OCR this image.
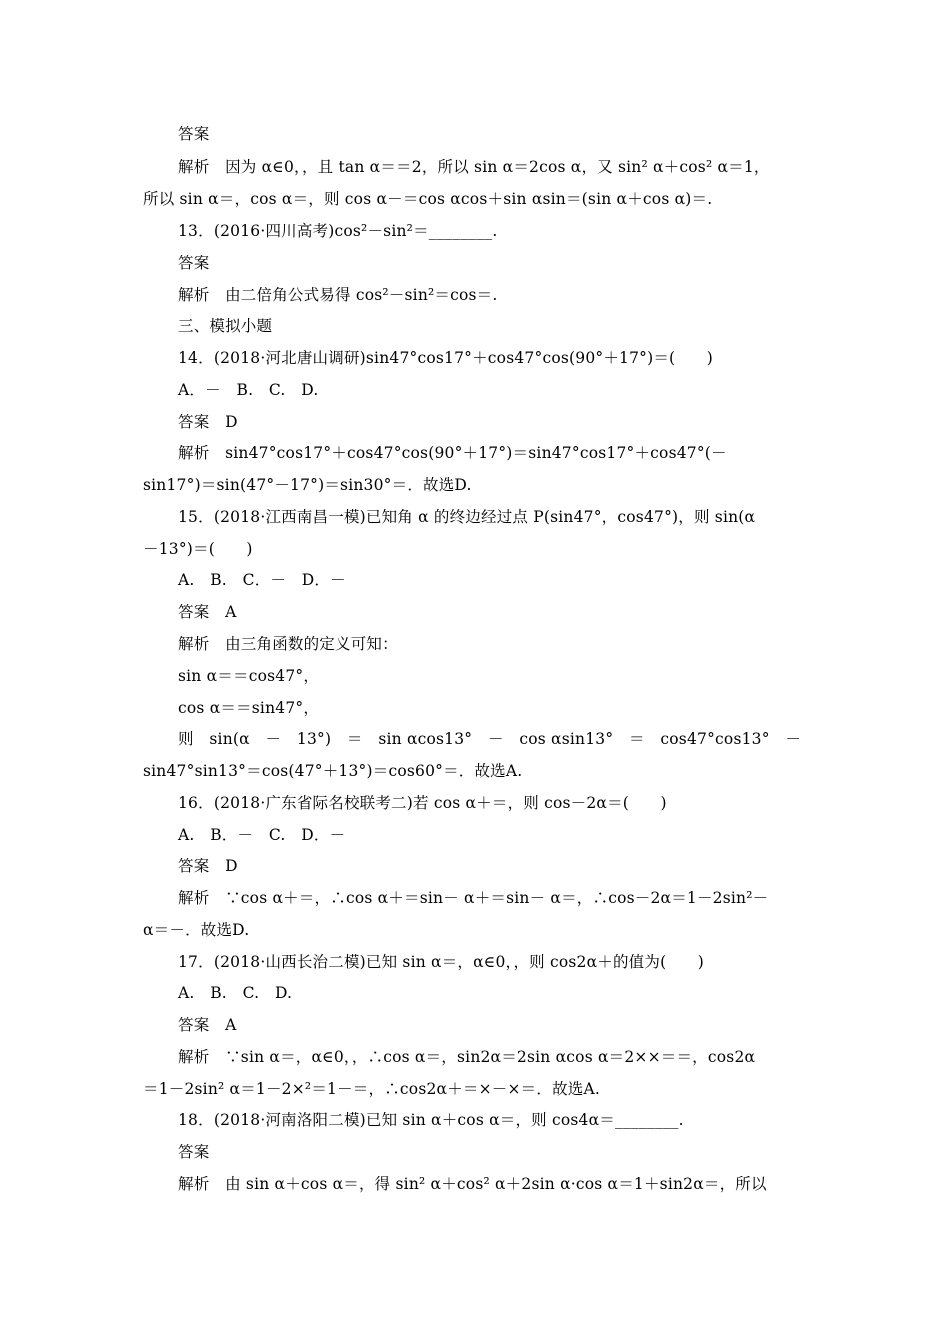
答案
解析　因为 α∈0，，且 tan α＝＝2，所以 sin α＝2cos α，又 sin² α＋cos² α＝1，
所以 sin α＝，cos α＝，则 cos α－＝cos αcos＋sin αsin＝(sin α＋cos α)＝.
13．(2016·四川高考)cos²－sin²＝________.
答案
解析　由二倍角公式易得 cos²－sin²＝cos＝.
三、模拟小题
14．(2018·河北唐山调研)sin47°cos17°＋cos47°cos(90°＋17°)＝(　　)
A．－　B.　C.　D.
答案　D
解析　sin47°cos17°＋cos47°cos(90°＋17°)＝sin47°cos17°＋cos47°(－
sin17°)＝sin(47°－17°)＝sin30°＝．故选D.
15．(2018·江西南昌一模)已知角 α 的终边经过点 P(sin47°，cos47°)，则 sin(α
－13°)＝(　　)
A.　B.　C．－　D．－
答案　A
解析　由三角函数的定义可知：
sin α＝＝cos47°，
cos α＝＝sin47°，
则　sin(α　－　13°)　＝　sin αcos13°　－　cos αsin13°　＝　cos47°cos13°　－
sin47°sin13°＝cos(47°＋13°)＝cos60°＝．故选A.
16．(2018·广东省际名校联考二)若 cos α＋＝，则 cos－2α＝(　　)
A.　B．－　C.　D．－
答案　D
解析　∵cos α＋＝，∴cos α＋＝sin－ α＋＝sin－ α＝，∴cos－2α＝1－2sin²－
α＝－．故选D.
17．(2018·山西长治二模)已知 sin α＝，α∈0，，则 cos2α＋的值为(　　)
A.　B.　C.　D.
答案　A
解析　∵sin α＝，α∈0，，∴cos α＝，sin2α＝2sin αcos α＝2××＝＝，cos2α
＝1－2sin² α＝1－2×²＝1－＝，∴cos2α＋＝×－×＝．故选A.
18．(2018·河南洛阳二模)已知 sin α＋cos α＝，则 cos4α＝________.
答案
解析　由 sin α＋cos α＝，得 sin² α＋cos² α＋2sin α·cos α＝1＋sin2α＝，所以
